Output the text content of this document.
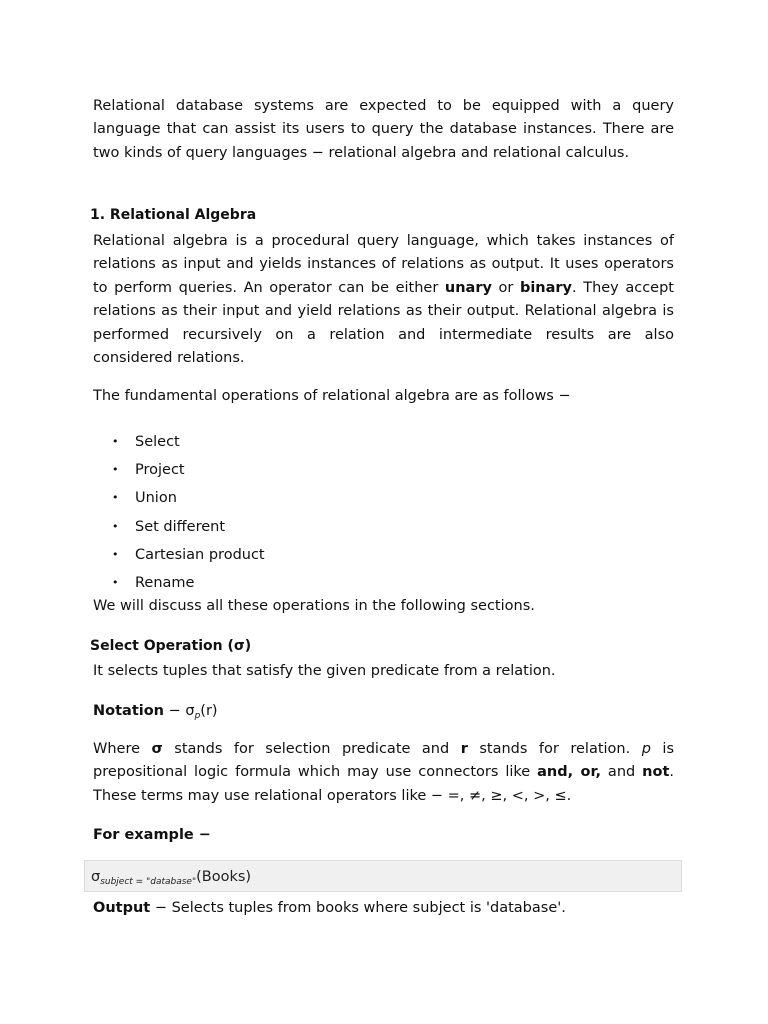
Relational database systems are expected to be equipped with a query language that can assist its users to query the database instances. There are two kinds of query languages − relational algebra and relational calculus.

1. Relational Algebra

Relational algebra is a procedural query language, which takes instances of relations as input and yields instances of relations as output. It uses operators to perform queries. An operator can be either unary or binary. They accept relations as their input and yield relations as their output. Relational algebra is performed recursively on a relation and intermediate results are also considered relations.

The fundamental operations of relational algebra are as follows −

• Select
• Project
• Union
• Set different
• Cartesian product
• Rename

We will discuss all these operations in the following sections.

Select Operation (σ)

It selects tuples that satisfy the given predicate from a relation.

Notation − $\sigma_p(r)$

Where σ stands for selection predicate and r stands for relation. p is prepositional logic formula which may use connectors like and, or, and not. These terms may use relational operators like − =, ≠, ≥, <, >, ≤.

For example −

$\sigma_{subject = "database"}(Books)$

Output − Selects tuples from books where subject is 'database'.
